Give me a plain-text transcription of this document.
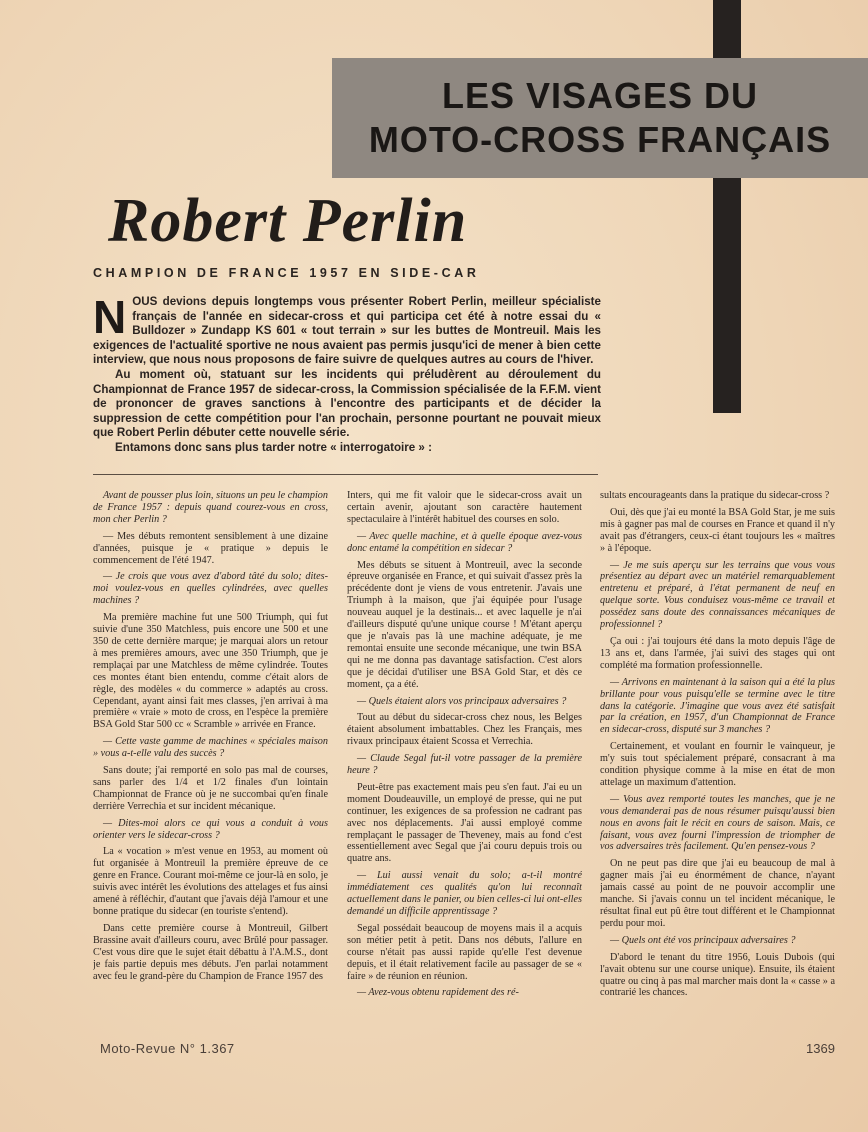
LES VISAGES DU
MOTO-CROSS FRANÇAIS
Robert Perlin
CHAMPION DE FRANCE 1957 EN SIDE-CAR

NOUS devions depuis longtemps vous présenter Robert Perlin, meilleur spécialiste français de l'année en sidecar-cross et qui participa cet été à notre essai du « Bulldozer » Zundapp KS 601 « tout terrain » sur les buttes de Montreuil. Mais les exigences de l'actualité sportive ne nous avaient pas permis jusqu'ici de mener à bien cette interview, que nous nous proposons de faire suivre de quelques autres au cours de l'hiver.

Au moment où, statuant sur les incidents qui préludèrent au déroulement du Championnat de France 1957 de sidecar-cross, la Commission spécialisée de la F.F.M. vient de prononcer de graves sanctions à l'encontre des participants et de décider la suppression de cette compétition pour l'an prochain, personne pourtant ne pouvait mieux que Robert Perlin débuter cette nouvelle série.

Entamons donc sans plus tarder notre « interrogatoire » :

Avant de pousser plus loin, situons un peu le champion de France 1957 : depuis quand courez-vous en cross, mon cher Perlin ?

— Mes débuts remontent sensiblement à une dizaine d'années, puisque je « pratique » depuis le commencement de l'été 1947.

— Je crois que vous avez d'abord tâté du solo; dites-moi voulez-vous en quelles cylindrées, avec quelles machines ?

Ma première machine fut une 500 Triumph, qui fut suivie d'une 350 Matchless, puis encore une 500 et une 350 de cette dernière marque; je marquai alors un retour à mes premières amours, avec une 350 Triumph, que je remplaçai par une Matchless de même cylindrée. Toutes ces montes étant bien entendu, comme c'était alors de règle, des modèles « du commerce » adaptés au cross. Cependant, ayant ainsi fait mes classes, j'en arrivai à ma première « vraie » moto de cross, en l'espèce la première BSA Gold Star 500 cc « Scramble » arrivée en France.

— Cette vaste gamme de machines « spéciales maison » vous a-t-elle valu des succès ?

Sans doute; j'ai remporté en solo pas mal de courses, sans parler des 1/4 et 1/2 finales d'un lointain Championnat de France où je ne succombai qu'en finale derrière Verrechia et sur incident mécanique.

— Dites-moi alors ce qui vous a conduit à vous orienter vers le sidecar-cross ?

La « vocation » m'est venue en 1953, au moment où fut organisée à Montreuil la première épreuve de ce genre en France. Courant moi-même ce jour-là en solo, je suivis avec intérêt les évolutions des attelages et fus ainsi amené à réfléchir, d'autant que j'avais déjà l'amour et une bonne pratique du sidecar (en touriste s'entend).

Dans cette première course à Montreuil, Gilbert Brassine avait d'ailleurs couru, avec Brûlé pour passager. C'est vous dire que le sujet était débattu à l'A.M.S., dont je fais partie depuis mes débuts. J'en parlai notamment avec feu le grand-père du Champion de France 1957 des

Inters, qui me fit valoir que le sidecar-cross avait un certain avenir, ajoutant son caractère hautement spectaculaire à l'intérêt habituel des courses en solo.

— Avec quelle machine, et à quelle époque avez-vous donc entamé la compétition en sidecar ?

Mes débuts se situent à Montreuil, avec la seconde épreuve organisée en France, et qui suivait d'assez près la précédente dont je viens de vous entretenir. J'avais une Triumph à la maison, que j'ai équipée pour l'usage nouveau auquel je la destinais... et avec laquelle je n'ai d'ailleurs disputé qu'une unique course ! M'étant aperçu que je n'avais pas là une machine adéquate, je me remontai ensuite une seconde mécanique, une twin BSA qui ne me donna pas davantage satisfaction. C'est alors que je décidai d'utiliser une BSA Gold Star, et dès ce moment, ça a été.

— Quels étaient alors vos principaux adversaires ?

Tout au début du sidecar-cross chez nous, les Belges étaient absolument imbattables. Chez les Français, mes rivaux principaux étaient Scossa et Verrechia.

— Claude Segal fut-il votre passager de la première heure ?

Peut-être pas exactement mais peu s'en faut. J'ai eu un moment Doudeauville, un employé de presse, qui ne put continuer, les exigences de sa profession ne cadrant pas avec nos déplacements. J'ai aussi employé comme remplaçant le passager de Theveney, mais au fond c'est essentiellement avec Segal que j'ai couru depuis trois ou quatre ans.

— Lui aussi venait du solo; a-t-il montré immédiatement ces qualités qu'on lui reconnaît actuellement dans le panier, ou bien celles-ci lui ont-elles demandé un difficile apprentissage ?

Segal possédait beaucoup de moyens mais il a acquis son métier petit à petit. Dans nos débuts, l'allure en course n'était pas aussi rapide qu'elle l'est devenue depuis, et il était relativement facile au passager de se « faire » de réunion en réunion.

— Avez-vous obtenu rapidement des ré-

sultats encourageants dans la pratique du sidecar-cross ?

Oui, dès que j'ai eu monté la BSA Gold Star, je me suis mis à gagner pas mal de courses en France et quand il n'y avait pas d'étrangers, ceux-ci étant toujours les « maîtres » à l'époque.

— Je me suis aperçu sur les terrains que vous vous présentiez au départ avec un matériel remarquablement entretenu et préparé, à l'état permanent de neuf en quelque sorte. Vous conduisez vous-même ce travail et possédez sans doute des connaissances mécaniques de professionnel ?

Ça oui : j'ai toujours été dans la moto depuis l'âge de 13 ans et, dans l'armée, j'ai suivi des stages qui ont complété ma formation professionnelle.

— Arrivons en maintenant à la saison qui a été la plus brillante pour vous puisqu'elle se termine avec le titre dans la catégorie. J'imagine que vous avez été satisfait par la création, en 1957, d'un Championnat de France en sidecar-cross, disputé sur 3 manches ?

Certainement, et voulant en fournir le vainqueur, je m'y suis tout spécialement préparé, consacrant à ma condition physique comme à la mise en état de mon attelage un maximum d'attention.

— Vous avez remporté toutes les manches, que je ne vous demanderai pas de nous résumer puisqu'aussi bien nous en avons fait le récit en cours de saison. Mais, ce faisant, vous avez fourni l'impression de triompher de vos adversaires très facilement. Qu'en pensez-vous ?

On ne peut pas dire que j'ai eu beaucoup de mal à gagner mais j'ai eu énormément de chance, n'ayant jamais cassé au point de ne pouvoir accomplir une manche. Si j'avais connu un tel incident mécanique, le résultat final eut pû être tout différent et le Championnat perdu pour moi.

— Quels ont été vos principaux adversaires ?

D'abord le tenant du titre 1956, Louis Dubois (qui l'avait obtenu sur une course unique). Ensuite, ils étaient quatre ou cinq à pas mal marcher mais dont la « casse » a contrarié les chances.

Moto-Revue N° 1.367	1369
